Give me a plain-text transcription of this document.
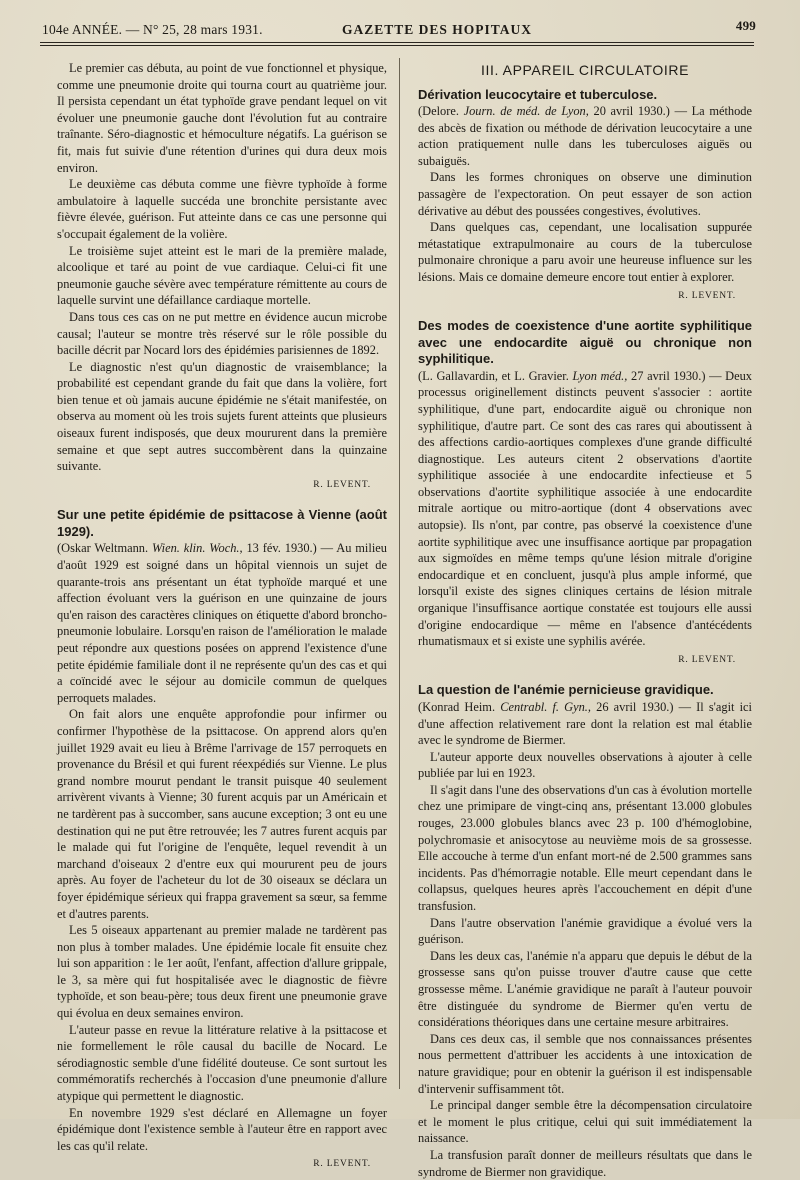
104e ANNÉE. — N° 25, 28 mars 1931.	GAZETTE DES HOPITAUX	499

Le premier cas débuta, au point de vue fonctionnel et physique, comme une pneumonie droite qui tourna court au quatrième jour. Il persista cependant un état typhoïde grave pendant lequel on vit évoluer une pneumonie gauche dont l'évolution fut au contraire traînante. Séro-diagnostic et hémoculture négatifs. La guérison se fit, mais fut suivie d'une rétention d'urines qui dura deux mois environ.

Le deuxième cas débuta comme une fièvre typhoïde à forme ambulatoire à laquelle succéda une bronchite persistante avec fièvre élevée, guérison. Fut atteinte dans ce cas une personne qui s'occupait également de la volière.

Le troisième sujet atteint est le mari de la première malade, alcoolique et taré au point de vue cardiaque. Celui-ci fit une pneumonie gauche sévère avec température rémittente au cours de laquelle survint une défaillance cardiaque mortelle.

Dans tous ces cas on ne put mettre en évidence aucun microbe causal; l'auteur se montre très réservé sur le rôle possible du bacille décrit par Nocard lors des épidémies parisiennes de 1892.

Le diagnostic n'est qu'un diagnostic de vraisemblance; la probabilité est cependant grande du fait que dans la volière, fort bien tenue et où jamais aucune épidémie ne s'était manifestée, on observa au moment où les trois sujets furent atteints que plusieurs oiseaux furent indisposés, que deux moururent dans la première semaine et que sept autres succombèrent dans la quinzaine suivante.

R. LEVENT.

Sur une petite épidémie de psittacose à Vienne (août 1929).
(Oskar Weltmann. Wien. klin. Woch., 13 fév. 1930.) — Au milieu d'août 1929 est soigné dans un hôpital viennois un sujet de quarante-trois ans présentant un état typhoïde marqué et une affection évoluant vers la guérison en une quinzaine de jours qu'en raison des caractères cliniques on étiquette d'abord broncho-pneumonie lobulaire. Lorsqu'en raison de l'amélioration le malade peut répondre aux questions posées on apprend l'existence d'une petite épidémie familiale dont il ne représente qu'un des cas et qui a coïncidé avec le séjour au domicile commun de quelques perroquets malades.

On fait alors une enquête approfondie pour infirmer ou confirmer l'hypothèse de la psittacose. On apprend alors qu'en juillet 1929 avait eu lieu à Brême l'arrivage de 157 perroquets en provenance du Brésil et qui furent réexpédiés sur Vienne. Le plus grand nombre mourut pendant le transit puisque 40 seulement arrivèrent vivants à Vienne; 30 furent acquis par un Américain et ne tardèrent pas à succomber, sans aucune exception; 3 ont eu une destination qui ne put être retrouvée; les 7 autres furent acquis par le malade qui fut l'origine de l'enquête, lequel revendit à un marchand d'oiseaux 2 d'entre eux qui moururent peu de jours après. Au foyer de l'acheteur du lot de 30 oiseaux se déclara un foyer épidémique sérieux qui frappa gravement sa sœur, sa femme et d'autres parents.

Les 5 oiseaux appartenant au premier malade ne tardèrent pas non plus à tomber malades. Une épidémie locale fit ensuite chez lui son apparition : le 1er août, l'enfant, affection d'allure grippale, le 3, sa mère qui fut hospitalisée avec le diagnostic de fièvre typhoïde, et son beau-père; tous deux firent une pneumonie grave qui évolua en deux semaines environ.

L'auteur passe en revue la littérature relative à la psittacose et nie formellement le rôle causal du bacille de Nocard. Le sérodiagnostic semble d'une fidélité douteuse. Ce sont surtout les commémoratifs recherchés à l'occasion d'une pneumonie d'allure atypique qui permettent le diagnostic.

En novembre 1929 s'est déclaré en Allemagne un foyer épidémique dont l'existence semble à l'auteur être en rapport avec les cas qu'il relate.

R. LEVENT.

III. APPAREIL CIRCULATOIRE

Dérivation leucocytaire et tuberculose.
(Delore. Journ. de méd. de Lyon, 20 avril 1930.) — La méthode des abcès de fixation ou méthode de dérivation leucocytaire a une action pratiquement nulle dans les tuberculoses aiguës ou subaiguës.

Dans les formes chroniques on observe une diminution passagère de l'expectoration. On peut essayer de son action dérivative au début des poussées congestives, évolutives.

Dans quelques cas, cependant, une localisation suppurée métastatique extrapulmonaire au cours de la tuberculose pulmonaire chronique a paru avoir une heureuse influence sur les lésions. Mais ce domaine demeure encore tout entier à explorer.

R. LEVENT.

Des modes de coexistence d'une aortite syphilitique avec une endocardite aiguë ou chronique non syphilitique.
(L. Gallavardin, et L. Gravier. Lyon méd., 27 avril 1930.) — Deux processus originellement distincts peuvent s'associer : aortite syphilitique, d'une part, endocardite aiguë ou chronique non syphilitique, d'autre part. Ce sont des cas rares qui aboutissent à des affections cardio-aortiques complexes d'une grande difficulté diagnostique. Les auteurs citent 2 observations d'aortite syphilitique associée à une endocardite infectieuse et 5 observations d'aortite syphilitique associée à une endocardite mitrale aortique ou mitro-aortique (dont 4 observations avec autopsie). Ils n'ont, par contre, pas observé la coexistence d'une aortite syphilitique avec une insuffisance aortique par propagation aux sigmoïdes en même temps qu'une lésion mitrale d'origine endocardique et en concluent, jusqu'à plus ample informé, que lorsqu'il existe des signes cliniques certains de lésion mitrale organique l'insuffisance aortique constatée est toujours elle aussi d'origine endocardique — même en l'absence d'antécédents rhumatismaux et si existe une syphilis avérée.

R. LEVENT.

La question de l'anémie pernicieuse gravidique.
(Konrad Heim. Centrabl. f. Gyn., 26 avril 1930.) — Il s'agit ici d'une affection relativement rare dont la relation est mal établie avec le syndrome de Biermer.

L'auteur apporte deux nouvelles observations à ajouter à celle publiée par lui en 1923.

Il s'agit dans l'une des observations d'un cas à évolution mortelle chez une primipare de vingt-cinq ans, présentant 13.000 globules rouges, 23.000 globules blancs avec 23 p. 100 d'hémoglobine, polychromasie et anisocytose au neuvième mois de sa grossesse. Elle accouche à terme d'un enfant mort-né de 2.500 grammes sans incidents. Pas d'hémorragie notable. Elle meurt cependant dans le collapsus, quelques heures après l'accouchement en dépit d'une transfusion.

Dans l'autre observation l'anémie gravidique a évolué vers la guérison.

Dans les deux cas, l'anémie n'a apparu que depuis le début de la grossesse sans qu'on puisse trouver d'autre cause que cette grossesse même. L'anémie gravidique ne paraît à l'auteur pouvoir être distinguée du syndrome de Biermer qu'en vertu de considérations théoriques dans une certaine mesure arbitraires.

Dans ces deux cas, il semble que nos connaissances présentes nous permettent d'attribuer les accidents à une intoxication de nature gravidique; pour en obtenir la guérison il est indispensable d'intervenir suffisamment tôt.

Le principal danger semble être la décompensation circulatoire et le moment le plus critique, celui qui suit immédiatement la naissance.

La transfusion paraît donner de meilleurs résultats que dans le syndrome de Biermer non gravidique.
